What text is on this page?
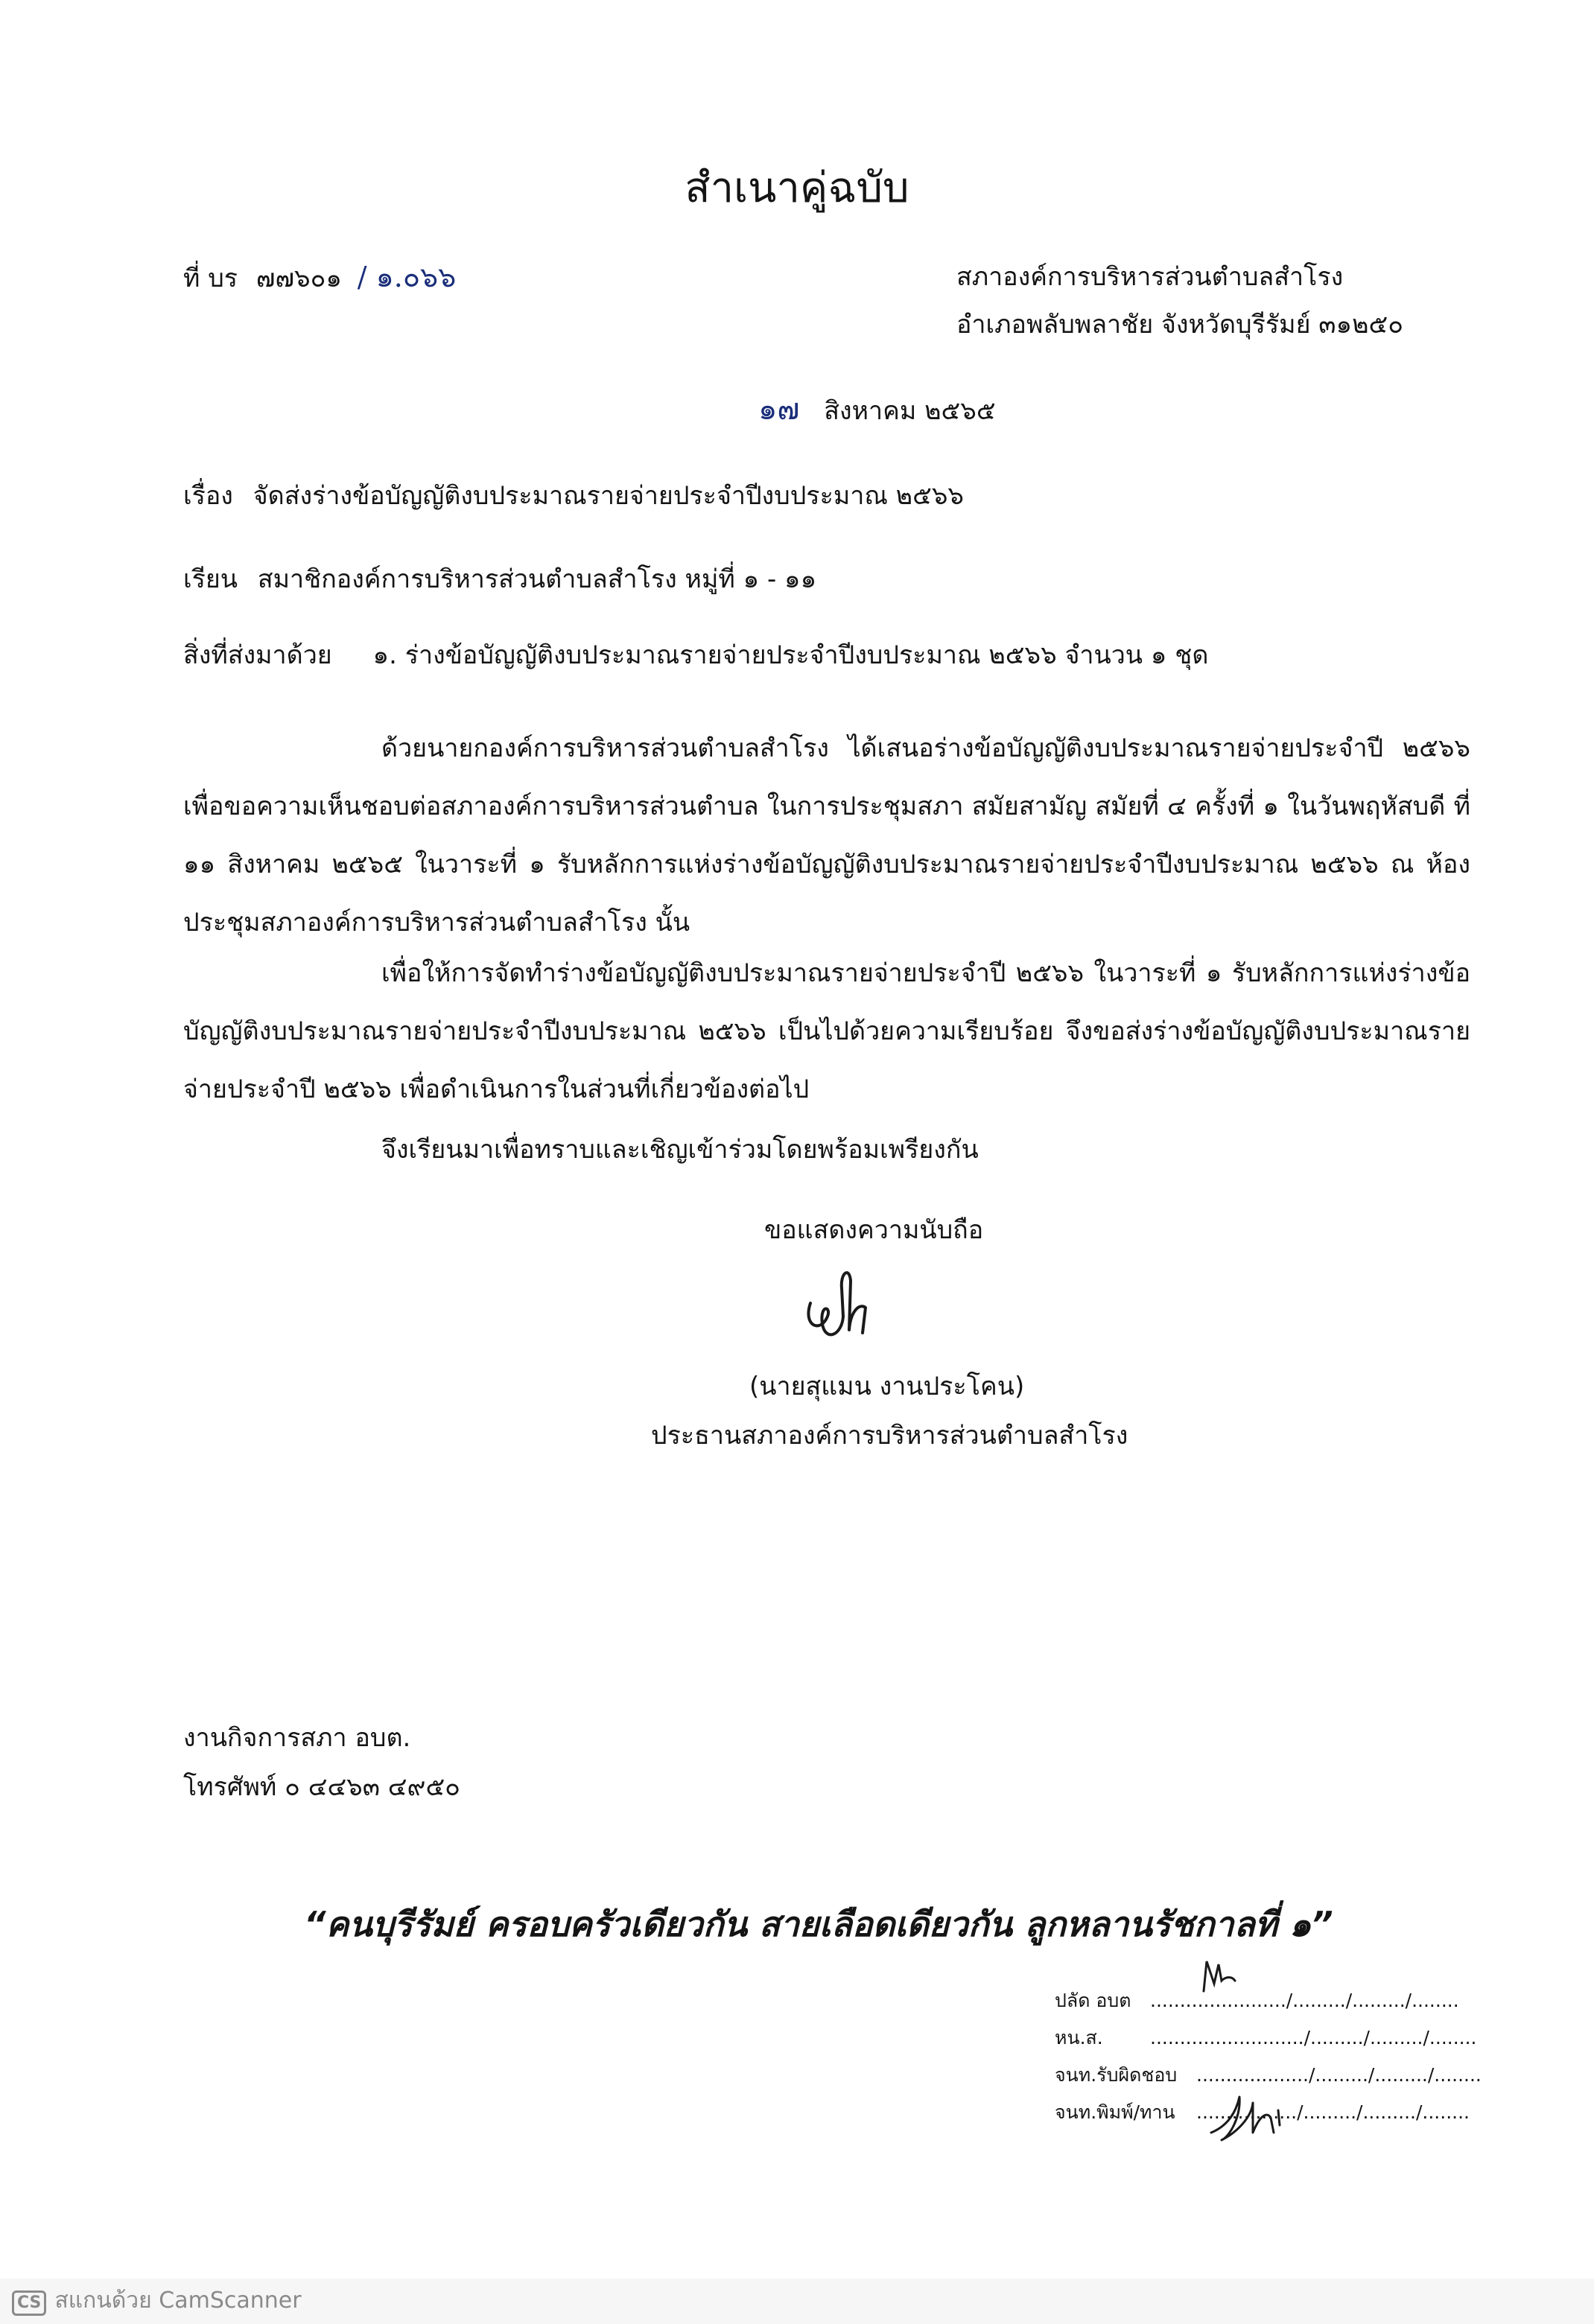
สำเนาคู่ฉบับ
ที่ บร ๗๗๖๐๑ / ๑.๐๖๖	สภาองค์การบริหารส่วนตำบลสำโรง
อำเภอพลับพลาชัย จังหวัดบุรีรัมย์ ๓๑๒๕๐
๑๗ สิงหาคม ๒๕๖๕
เรื่อง จัดส่งร่างข้อบัญญัติงบประมาณรายจ่ายประจำปีงบประมาณ ๒๕๖๖
เรียน สมาชิกองค์การบริหารส่วนตำบลสำโรง หมู่ที่ ๑ - ๑๑
สิ่งที่ส่งมาด้วย ๑. ร่างข้อบัญญัติงบประมาณรายจ่ายประจำปีงบประมาณ ๒๕๖๖ จำนวน ๑ ชุด
ด้วยนายกองค์การบริหารส่วนตำบลสำโรง ได้เสนอร่างข้อบัญญัติงบประมาณรายจ่ายประจำปี ๒๕๖๖ เพื่อขอความเห็นชอบต่อสภาองค์การบริหารส่วนตำบล ในการประชุมสภา สมัยสามัญ สมัยที่ ๔ ครั้งที่ ๑ ในวันพฤหัสบดี ที่ ๑๑ สิงหาคม ๒๕๖๕ ในวาระที่ ๑ รับหลักการแห่งร่างข้อบัญญัติงบประมาณรายจ่ายประจำปีงบประมาณ ๒๕๖๖ ณ ห้องประชุมสภาองค์การบริหารส่วนตำบลสำโรง นั้น
เพื่อให้การจัดทำร่างข้อบัญญัติงบประมาณรายจ่ายประจำปี ๒๕๖๖ ในวาระที่ ๑ รับหลักการแห่งร่างข้อบัญญัติงบประมาณรายจ่ายประจำปีงบประมาณ ๒๕๖๖ เป็นไปด้วยความเรียบร้อย จึงขอส่งร่างข้อบัญญัติงบประมาณรายจ่ายประจำปี ๒๕๖๖ เพื่อดำเนินการในส่วนที่เกี่ยวข้องต่อไป
จึงเรียนมาเพื่อทราบและเชิญเข้าร่วมโดยพร้อมเพรียงกัน
ขอแสดงความนับถือ
(นายสุแมน งานประโคน)
ประธานสภาองค์การบริหารส่วนตำบลสำโรง
งานกิจการสภา อบต.
โทรศัพท์ ๐ ๔๔๖๓ ๔๙๕๐
“คนบุรีรัมย์ ครอบครัวเดียวกัน สายเลือดเดียวกัน ลูกหลานรัชกาลที่ ๑”
ปลัด อบต ......................./........./........./........
หน.ส.	........................../........./........./........
จนท.รับผิดชอบ .................../........./........./........
จนท.พิมพ์/ทาน ................./........./........./........
CS สแกนด้วย CamScanner
